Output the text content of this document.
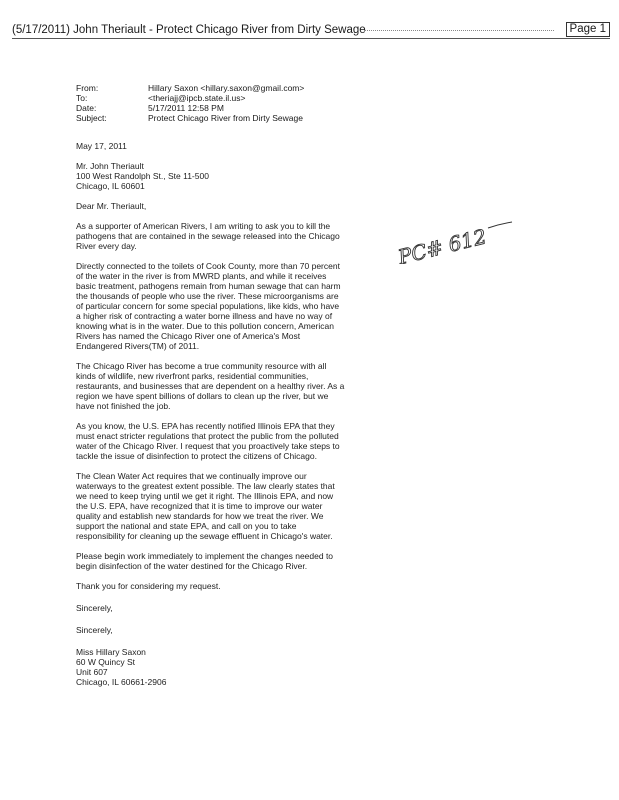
(5/17/2011) John Theriault - Protect Chicago River from Dirty Sewage	Page 1
From:	Hillary Saxon <hillary.saxon@gmail.com>
To:	<theriajj@ipcb.state.il.us>
Date:	5/17/2011 12:58 PM
Subject:	Protect Chicago River from Dirty Sewage
PC# 612

May 17, 2011

Mr. John Theriault

100 West Randolph St., Ste 11-500

Chicago, IL 60601

Dear Mr. Theriault,

As a supporter of American Rivers, I am writing to ask you to kill the pathogens that are contained in the sewage released into the Chicago River every day.

Directly connected to the toilets of Cook County, more than 70 percent of the water in the river is from MWRD plants, and while it receives basic treatment, pathogens remain from human sewage that can harm the thousands of people who use the river. These microorganisms are of particular concern for some special populations, like kids, who have a higher risk of contracting a water borne illness and have no way of knowing what is in the water. Due to this pollution concern, American Rivers has named the Chicago River one of America's Most Endangered Rivers(TM) of 2011.

The Chicago River has become a true community resource with all kinds of wildlife, new riverfront parks, residential communities, restaurants, and businesses that are dependent on a healthy river. As a region we have spent billions of dollars to clean up the river, but we have not finished the job.

As you know, the U.S. EPA has recently notified Illinois EPA that they must enact stricter regulations that protect the public from the polluted water of the Chicago River. I request that you proactively take steps to tackle the issue of disinfection to protect the citizens of Chicago.

The Clean Water Act requires that we continually improve our waterways to the greatest extent possible. The law clearly states that we need to keep trying until we get it right. The Illinois EPA, and now the U.S. EPA, have recognized that it is time to improve our water quality and establish new standards for how we treat the river. We support the national and state EPA, and call on you to take responsibility for cleaning up the sewage effluent in Chicago's water.

Please begin work immediately to implement the changes needed to begin disinfection of the water destined for the Chicago River.

Thank you for considering my request.

Sincerely,

Sincerely,

Miss Hillary Saxon

60 W Quincy St

Unit 607

Chicago, IL 60661-2906
